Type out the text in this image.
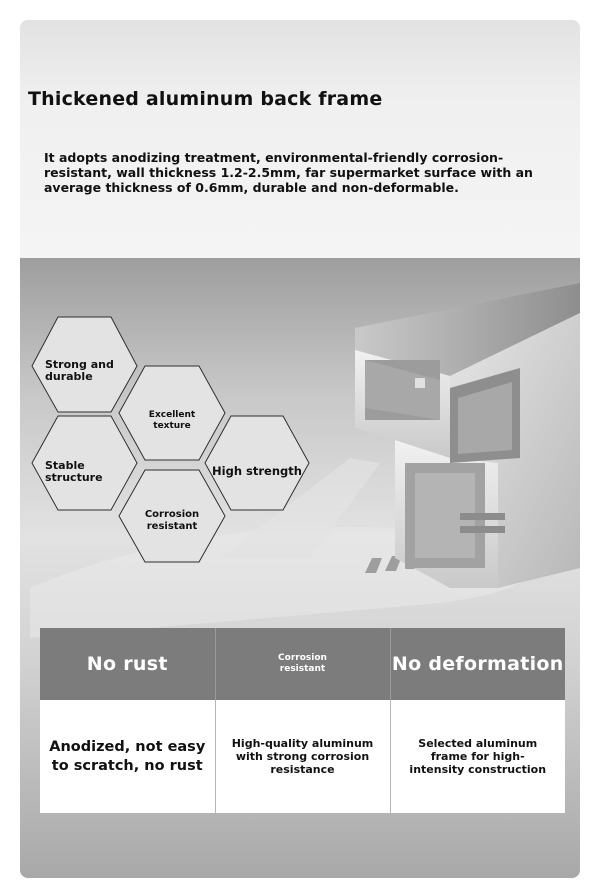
Thickened aluminum back frame

It adopts anodizing treatment, environmental-friendly corrosion-resistant, wall thickness 1.2-2.5mm, far supermarket surface with an average thickness of 0.6mm, durable and non-deformable.

Strong and durable
Excellent texture
Stable structure	High strength
Corrosion resistant
No rust	Corrosion resistant	No deformation
Anodized, not easy to scratch, no rust	High-quality aluminum with strong corrosion resistance	Selected aluminum frame for high-intensity construction
